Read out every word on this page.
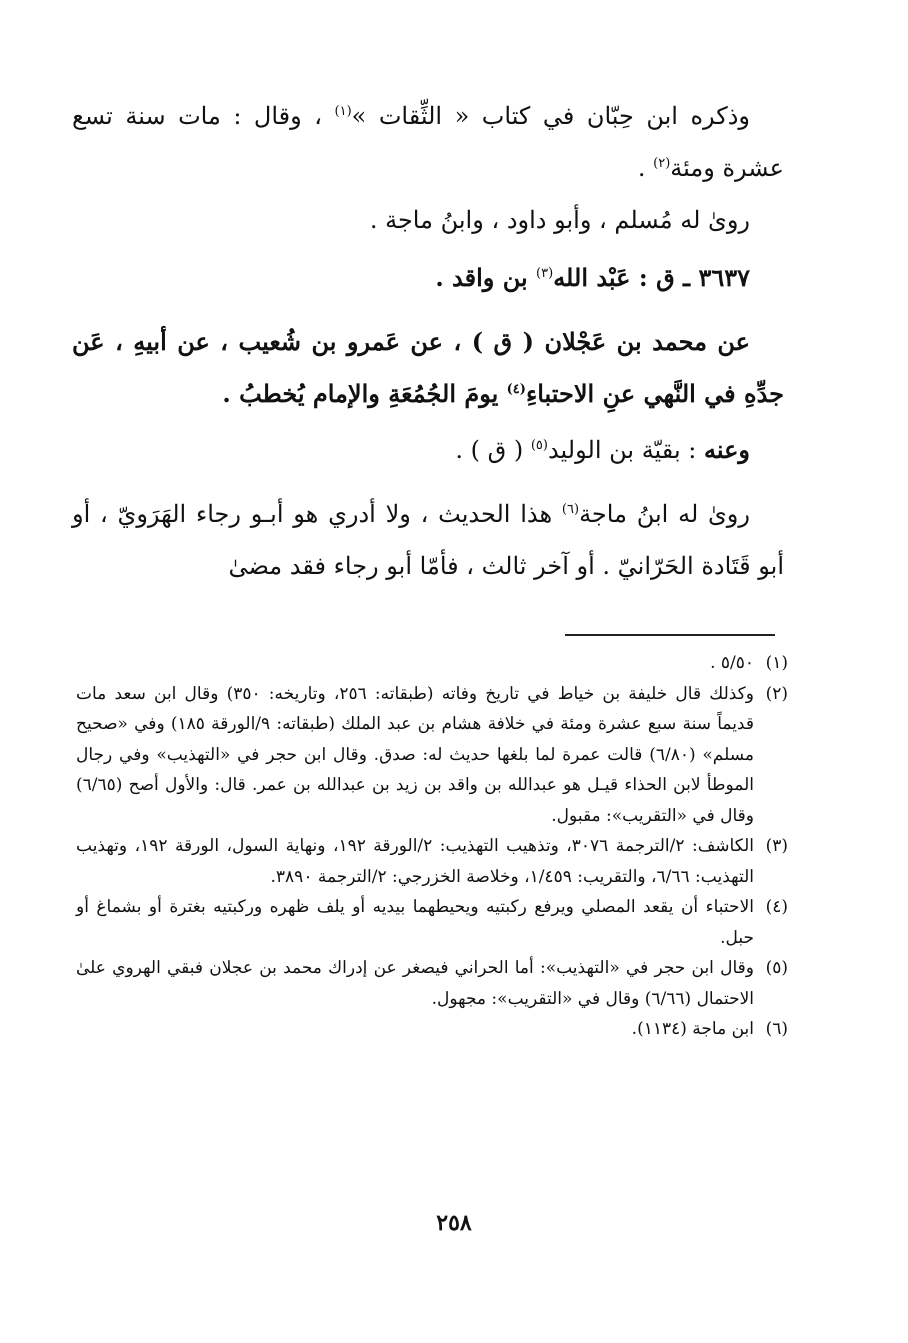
وذكره ابن حِبّان في كتاب « الثِّقات »$^{(١)}$ ، وقال : مات سنة تسع عشرة ومئة$^{(٢)}$ .

روىٰ له مُسلم ، وأبو داود ، وابنُ ماجة .

٣٦٣٧ ـ ق : عَبْد الله$^{(٣)}$ بن واقد .

عن محمد بن عَجْلان ( ق ) ، عن عَمرو بن شُعيب ، عن أبيهِ ، عَن جدِّهِ في النَّهي عنِ الاحتباءِ$^{(٤)}$ يومَ الجُمُعَةِ والإمام يُخطبُ .

وعنه : بقيّة بن الوليد$^{(٥)}$ ( ق ) .

روىٰ له ابنُ ماجة$^{(٦)}$ هذا الحديث ، ولا أدري هو أبـو رجاء الهَرَويّ ، أو أبو قَتَادة الحَرّانيّ . أو آخر ثالث ، فأمّا أبو رجاء فقد مضىٰ

(١)٥/٥٠ .

(٢)وكذلك قال خليفة بن خياط في تاريخ وفاته (طبقاته: ٢٥٦، وتاريخه: ٣٥٠) وقال ابن سعد مات قديماً سنة سبع عشرة ومئة في خلافة هشام بن عبد الملك (طبقاته: ٩/الورقة ١٨٥) وفي «صحيح مسلم» (٦/٨٠) قالت عمرة لما بلغها حديث له: صدق. وقال ابن حجر في «التهذيب» وفي رجال الموطأ لابن الحذاء قيـل هو عبدالله بن واقد بن زيد بن عبدالله بن عمر. قال: والأول أصح (٦/٦٥) وقال في «التقريب»: مقبول.

(٣)الكاشف: ٢/الترجمة ٣٠٧٦، وتذهيب التهذيب: ٢/الورقة ١٩٢، ونهاية السول، الورقة ١٩٢، وتهذيب التهذيب: ٦/٦٦، والتقريب: ١/٤٥٩، وخلاصة الخزرجي: ٢/الترجمة ٣٨٩٠.

(٤)الاحتباء أن يقعد المصلي ويرفع ركبتيه ويحيطهما بيديه أو يلف ظهره وركبتيه بغترة أو بشماغ أو حبل.

(٥)وقال ابن حجر في «التهذيب»: أما الحراني فيصغر عن إدراك محمد بن عجلان فبقي الهروي علىٰ الاحتمال (٦/٦٦) وقال في «التقريب»: مجهول.

(٦)ابن ماجة (١١٣٤).

٢٥٨
